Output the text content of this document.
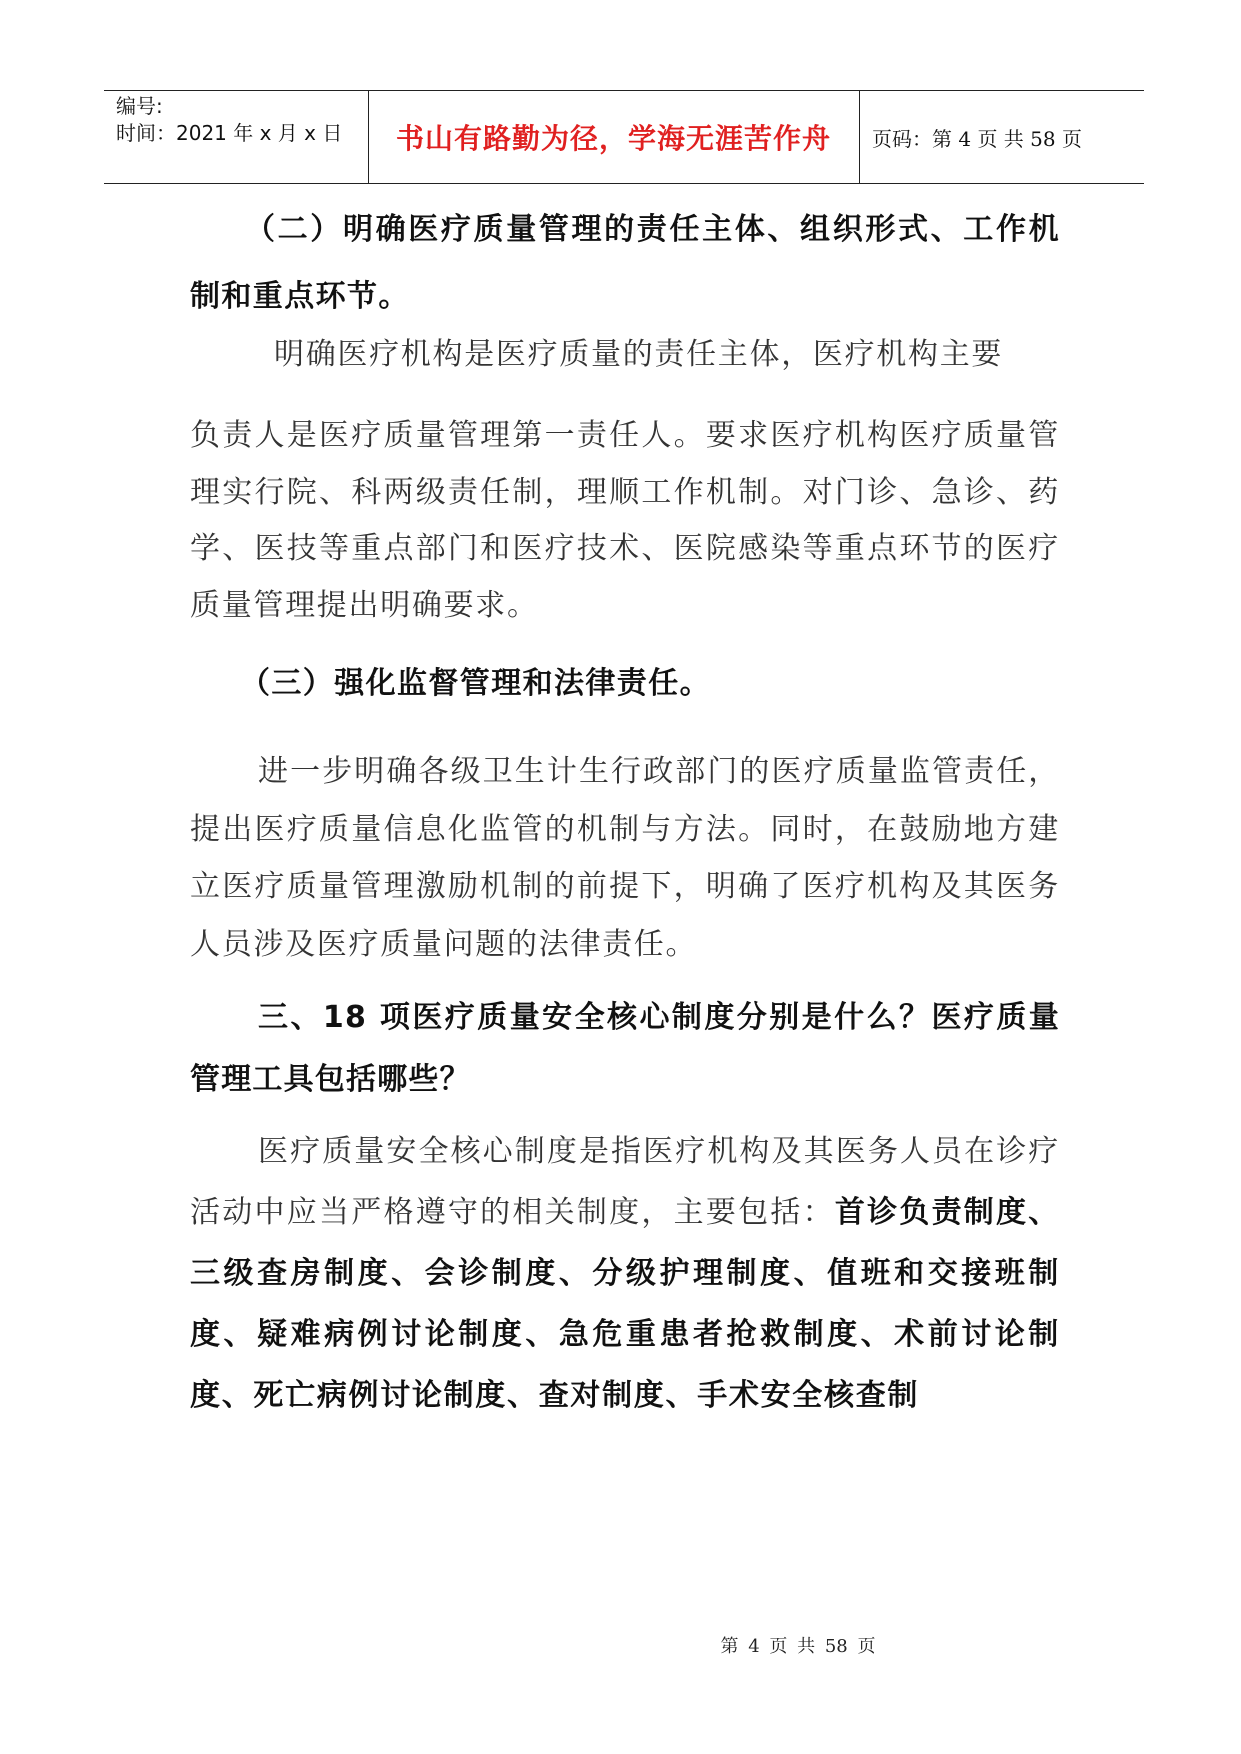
编号:
时间：2021 年 x 月 x 日	书山有路勤为径，学海无涯苦作舟	页码：第 4 页 共 58 页

（二）明确医疗质量管理的责任主体、组织形式、工作机制和重点环节。

明确医疗机构是医疗质量的责任主体，医疗机构主要

负责人是医疗质量管理第一责任人。要求医疗机构医疗质量管理实行院、科两级责任制，理顺工作机制。对门诊、急诊、药学、医技等重点部门和医疗技术、医院感染等重点环节的医疗质量管理提出明确要求。

（三）强化监督管理和法律责任。

进一步明确各级卫生计生行政部门的医疗质量监管责任，提出医疗质量信息化监管的机制与方法。同时，在鼓励地方建立医疗质量管理激励机制的前提下，明确了医疗机构及其医务人员涉及医疗质量问题的法律责任。

三、18 项医疗质量安全核心制度分别是什么？医疗质量管理工具包括哪些？

医疗质量安全核心制度是指医疗机构及其医务人员在诊疗活动中应当严格遵守的相关制度，主要包括：首诊负责制度、三级查房制度、会诊制度、分级护理制度、值班和交接班制度、疑难病例讨论制度、急危重患者抢救制度、术前讨论制度、死亡病例讨论制度、查对制度、手术安全核查制

第 4 页 共 58 页
